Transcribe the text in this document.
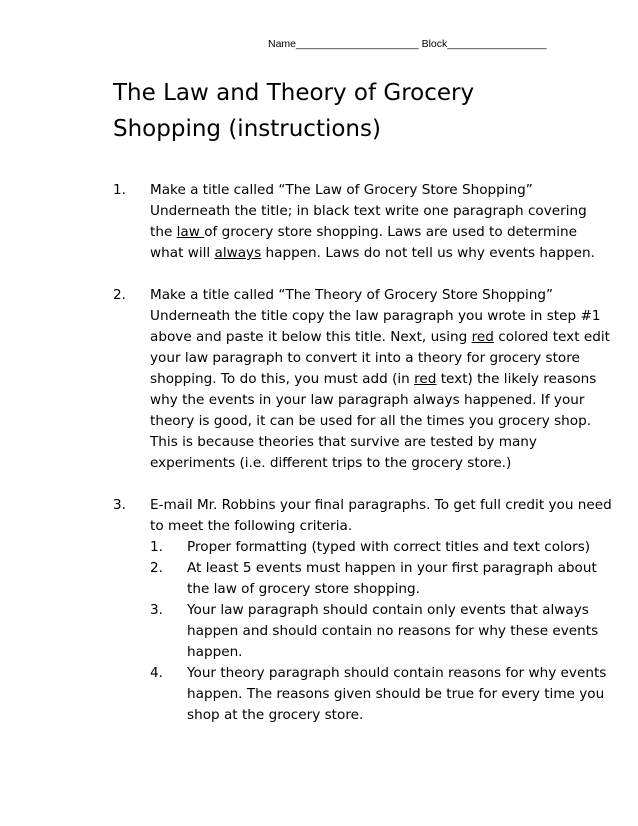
Name_____________________ Block_________________
The Law and Theory of Grocery
Shopping (instructions)
1. Make a title called “The Law of Grocery Store Shopping” Underneath the title; in black text write one paragraph covering the law of grocery store shopping. Laws are used to determine what will always happen. Laws do not tell us why events happen.
2. Make a title called “The Theory of Grocery Store Shopping” Underneath the title copy the law paragraph you wrote in step #1 above and paste it below this title. Next, using red colored text edit your law paragraph to convert it into a theory for grocery store shopping. To do this, you must add (in red text) the likely reasons why the events in your law paragraph always happened. If your theory is good, it can be used for all the times you grocery shop. This is because theories that survive are tested by many experiments (i.e. different trips to the grocery store.)
3. E-mail Mr. Robbins your final paragraphs. To get full credit you need to meet the following criteria.
1. Proper formatting (typed with correct titles and text colors)
2. At least 5 events must happen in your first paragraph about the law of grocery store shopping.
3. Your law paragraph should contain only events that always happen and should contain no reasons for why these events happen.
4. Your theory paragraph should contain reasons for why events happen. The reasons given should be true for every time you shop at the grocery store.
